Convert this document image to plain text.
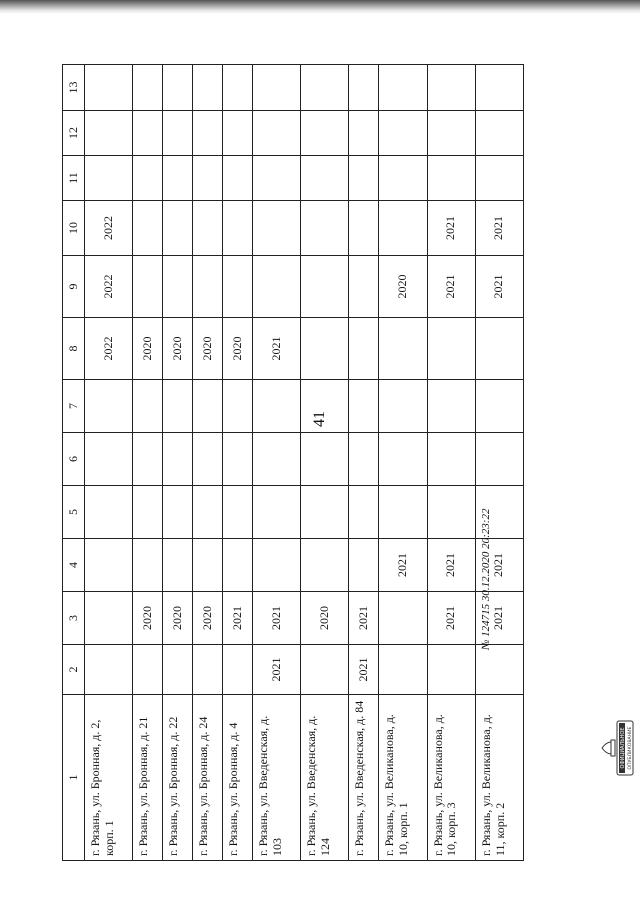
41
1	2	3	4	5	6	7	8	9	10	11	12	13
г. Рязань, ул. Бронная, д. 2, корп. 1							2022	2022	2022			
г. Рязань, ул. Бронная, д. 21		2020					2020					
г. Рязань, ул. Бронная, д. 22		2020					2020					
г. Рязань, ул. Бронная, д. 24		2020					2020					
г. Рязань, ул. Бронная, д. 4		2021					2020					
г. Рязань, ул. Введенская, д. 103	2021	2021					2021					
г. Рязань, ул. Введенская, д. 124		2020										
г. Рязань, ул. Введенская, д. 84	2021	2021										
г. Рязань, ул. Великанова, д. 10, корп. 1			2021					2020				
г. Рязань, ул. Великанова, д. 10, корп. 3		2021	2021					2021	2021			
г. Рязань, ул. Великанова, д. 11, корп. 2		2021	2021					2021	2021			
ОФИЦИАЛЬНОЕ ОПУБЛИКОВАНИЕ
№ 124715 30.12.2020 20:23:22
